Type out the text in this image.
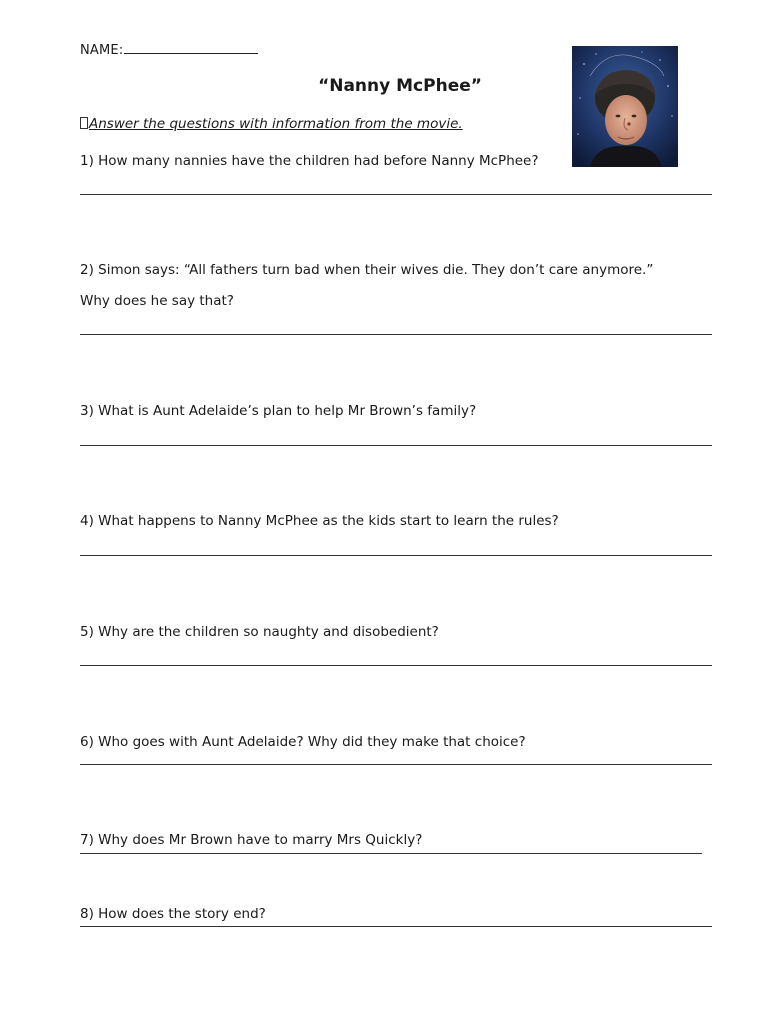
NAME:
“Nanny McPhee”
Answer the questions with information from the movie.
1) How many nannies have the children had before Nanny McPhee?
2) Simon says: “All fathers turn bad when their wives die. They don’t care anymore.”
Why does he say that?
3) What is Aunt Adelaide’s plan to help Mr Brown’s family?
4) What happens to Nanny McPhee as the kids start to learn the rules?
5) Why are the children so naughty and disobedient?
6) Who goes with Aunt Adelaide? Why did they make that choice?
7) Why does Mr Brown have to marry Mrs Quickly?
8) How does the story end?
